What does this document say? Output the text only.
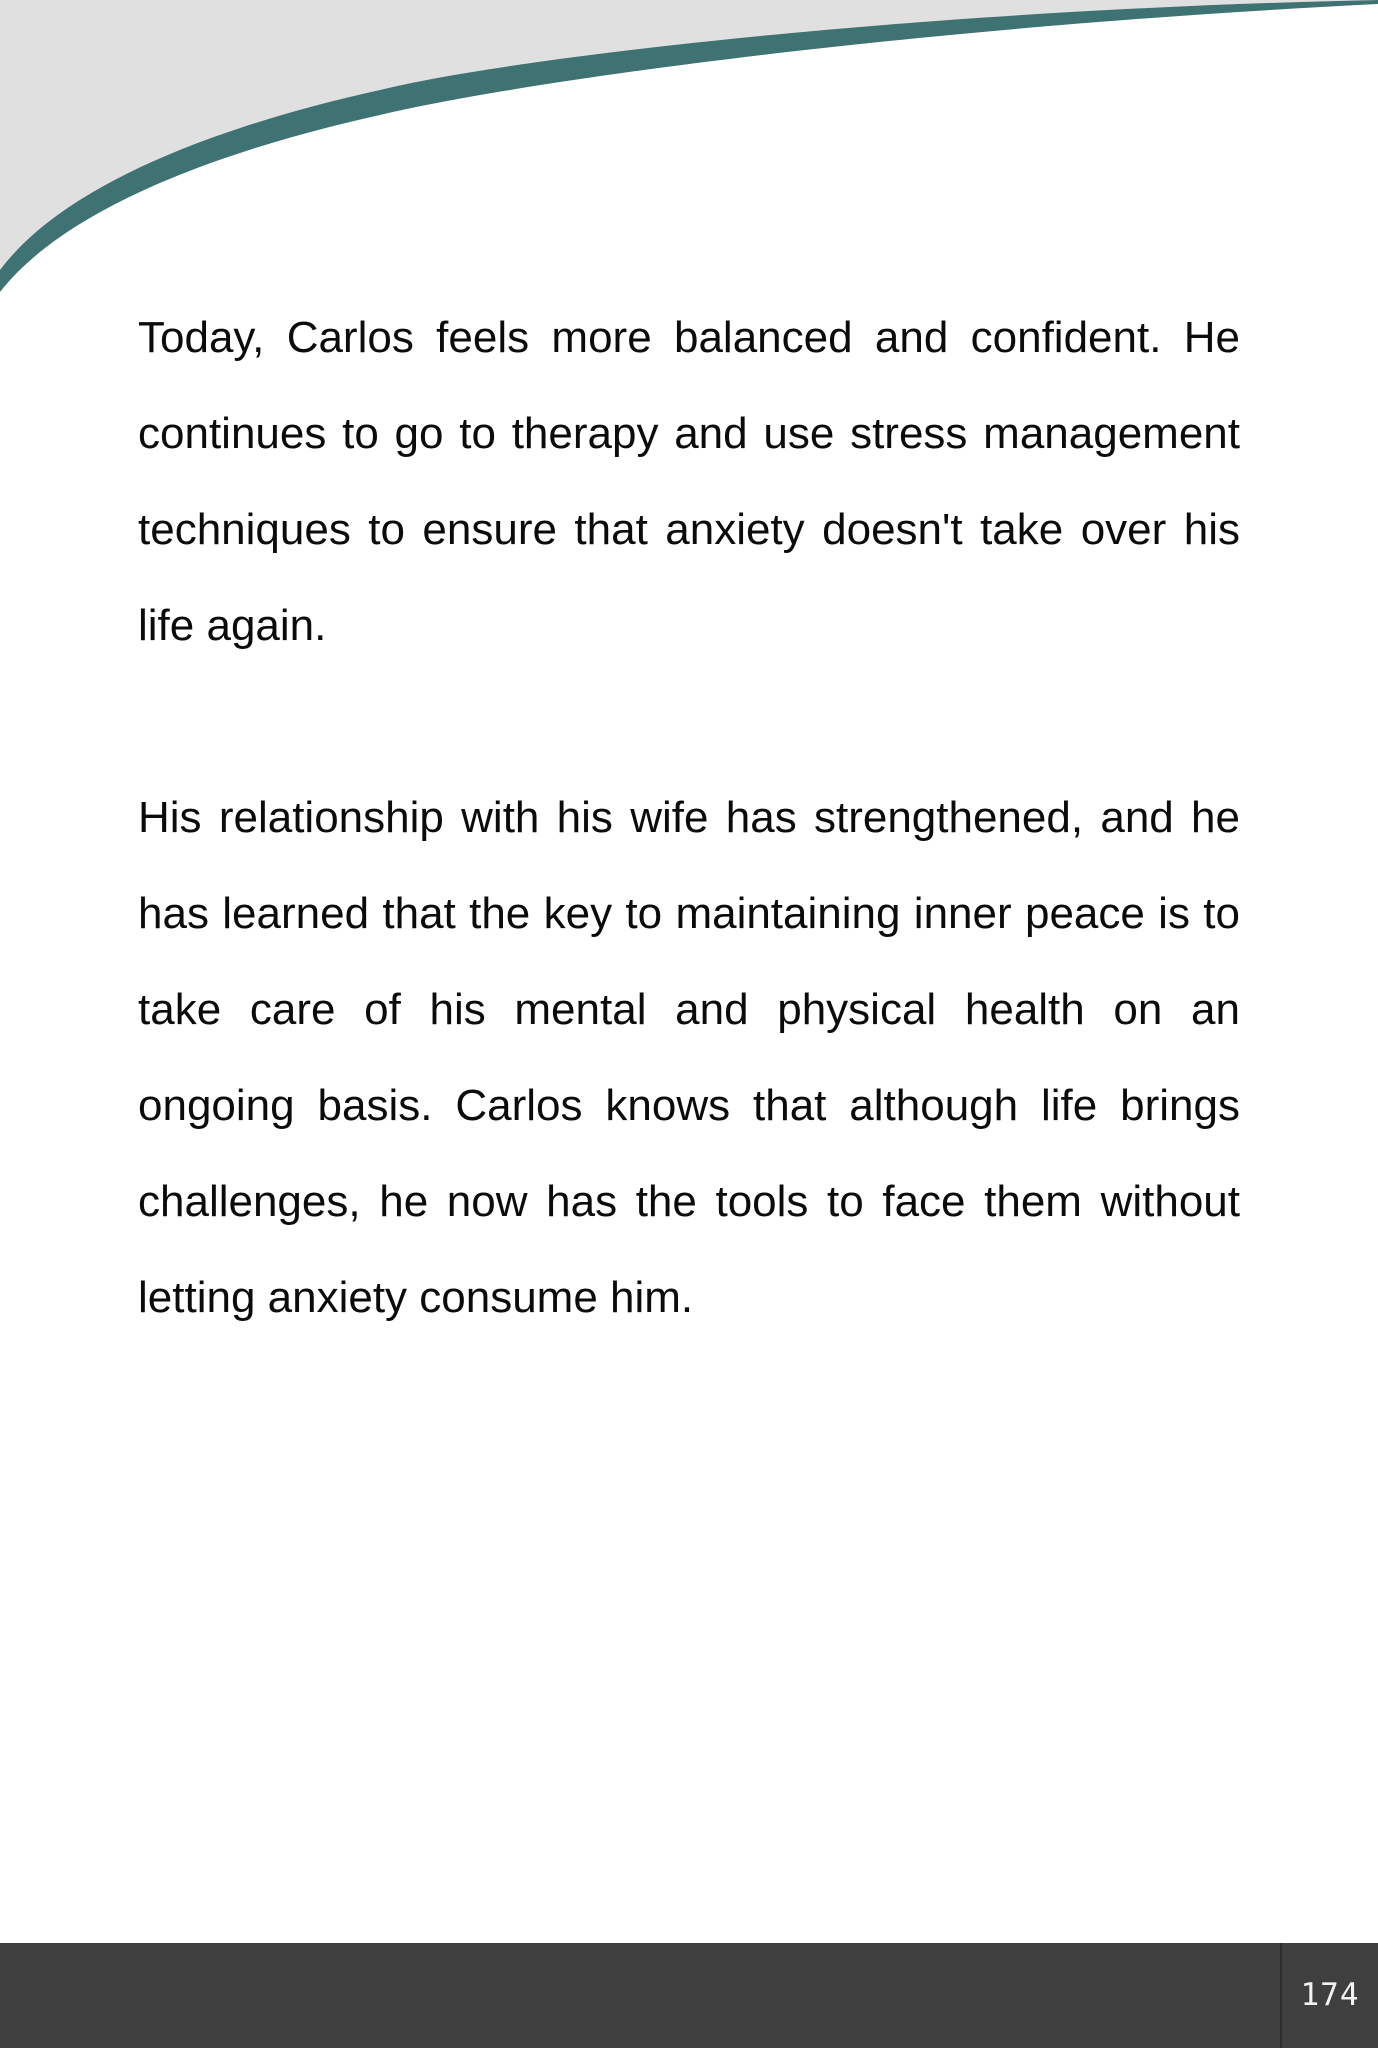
Today, Carlos feels more balanced and confident. He continues to go to therapy and use stress management techniques to ensure that anxiety doesn't take over his life again.

His relationship with his wife has strengthened, and he has learned that the key to maintaining inner peace is to take care of his mental and physical health on an ongoing basis. Carlos knows that although life brings challenges, he now has the tools to face them without letting anxiety consume him.

174
